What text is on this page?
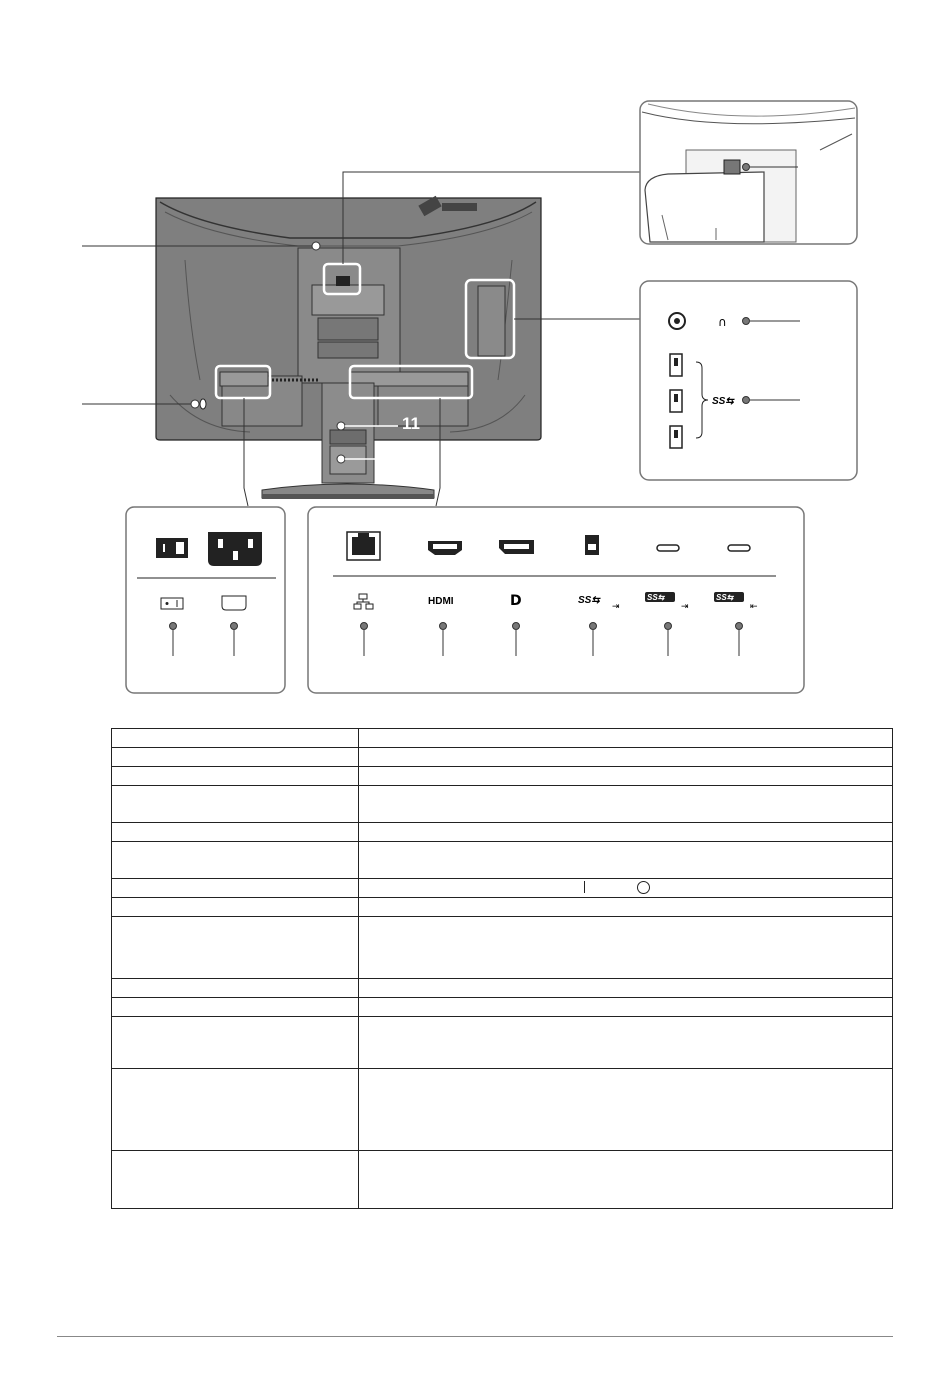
∩
SS⇆
HDMI	D	SS⇆
⇥
SS⇆
⇥
SS⇆
⇤
11
